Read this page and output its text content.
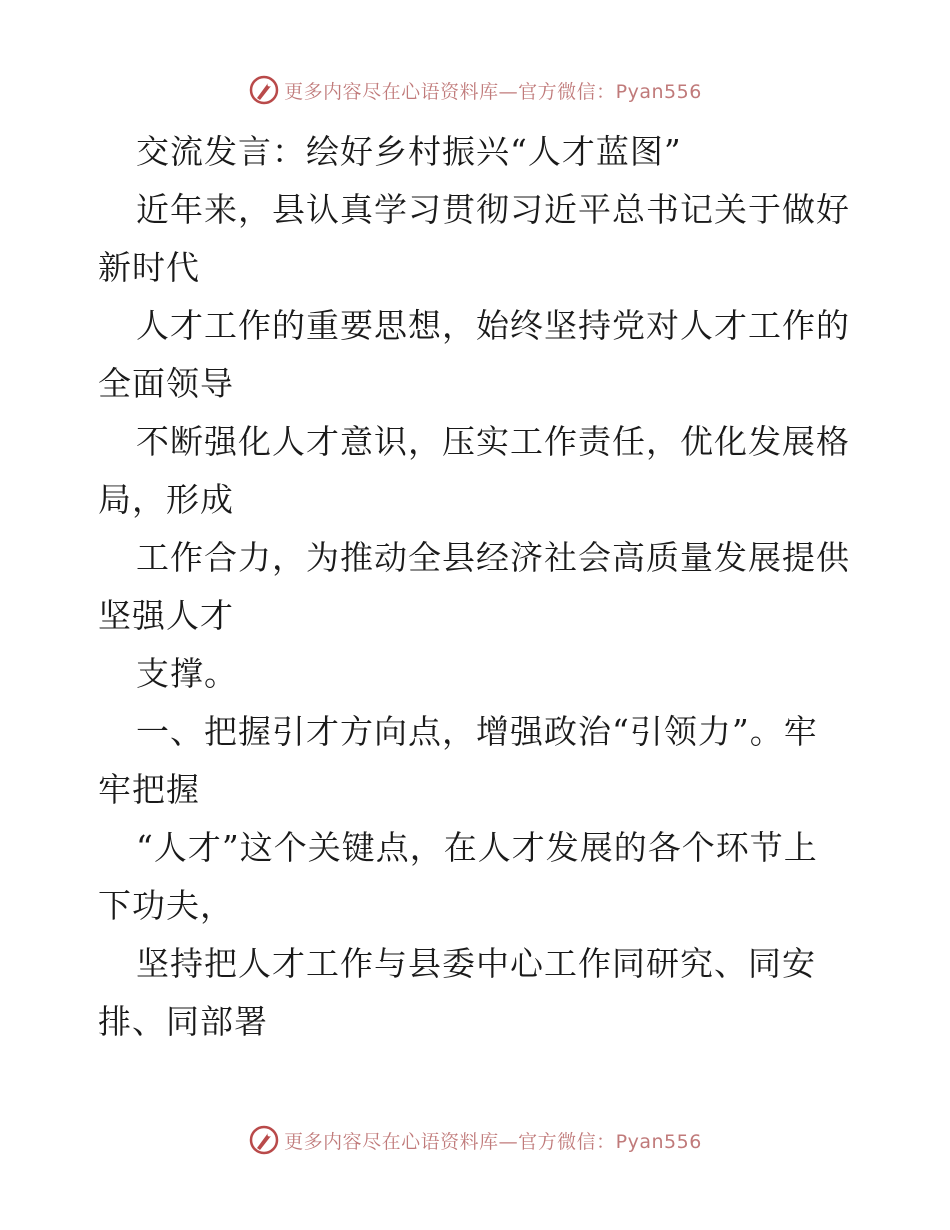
更多内容尽在心语资料库—官方微信：Pyan556
交流发言：绘好乡村振兴“人才蓝图”
近年来，县认真学习贯彻习近平总书记关于做好
新时代
人才工作的重要思想，始终坚持党对人才工作的
全面领导
不断强化人才意识，压实工作责任，优化发展格
局，形成
工作合力，为推动全县经济社会高质量发展提供
坚强人才
支撑。
一、把握引才方向点，增强政治“引领力”。牢
牢把握
“人才”这个关键点，在人才发展的各个环节上
下功夫，
坚持把人才工作与县委中心工作同研究、同安
排、同部署
更多内容尽在心语资料库—官方微信：Pyan556
